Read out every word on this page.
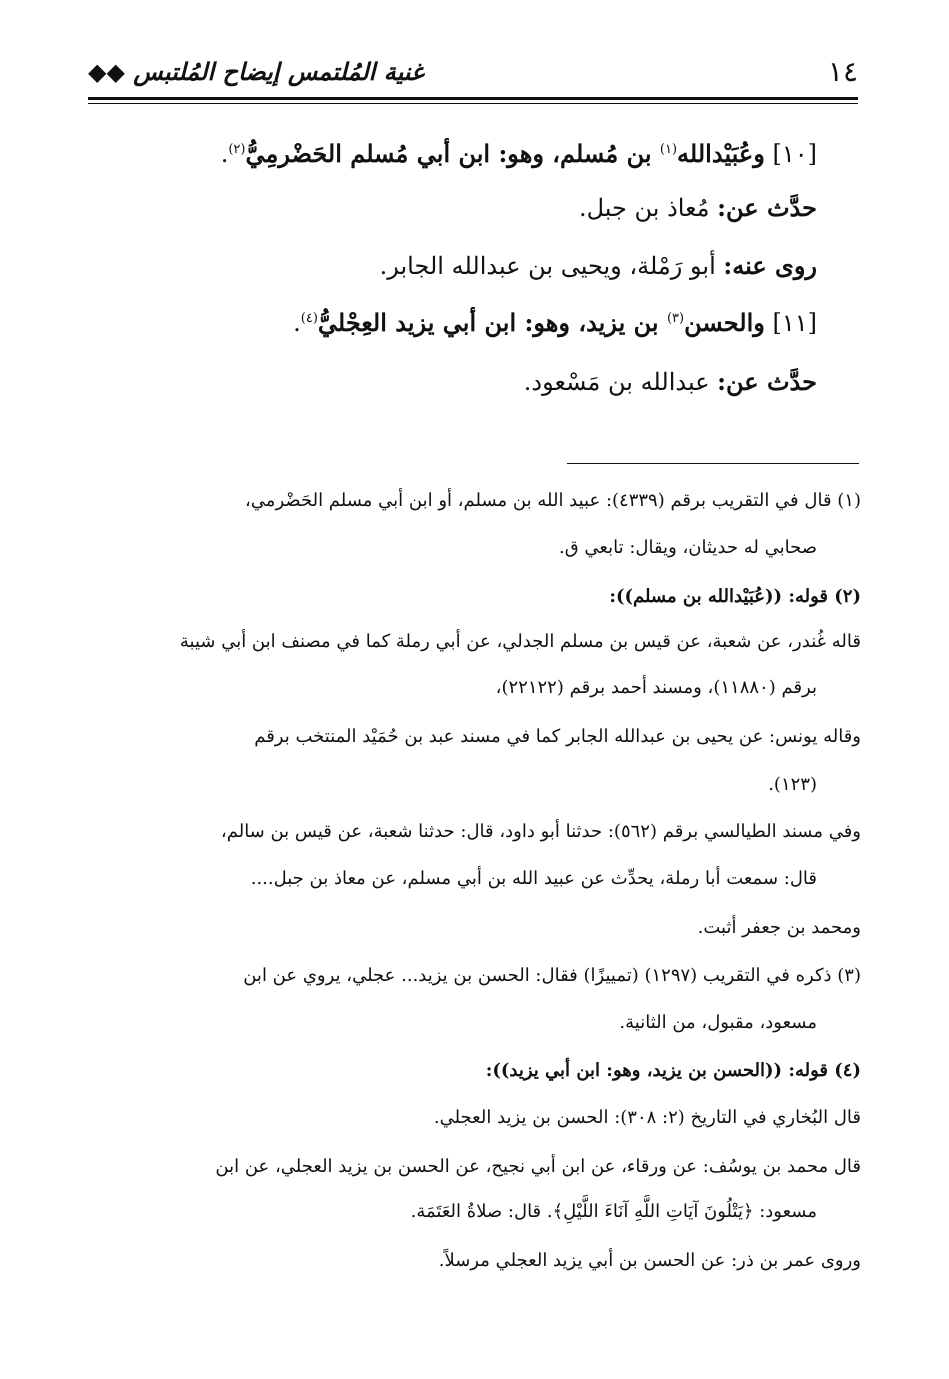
١٤
غنية المُلتمس إيضاح المُلتبس ◆◆
[١٠] وعُبَيْدالله$^{(١)}$ بن مُسلم، وهو: ابن أبي مُسلم الحَضْرمِيُّ$^{(٢)}$.
حدَّث عن: مُعاذ بن جبل.
روى عنه: أبو رَمْلة، ويحيى بن عبدالله الجابر.
[١١] والحسن$^{(٣)}$ بن يزيد، وهو: ابن أبي يزيد العِجْليُّ$^{(٤)}$.
حدَّث عن: عبدالله بن مَسْعود.
(١) قال في التقريب برقم (٤٣٣٩): عبيد الله بن مسلم، أو ابن أبي مسلم الحَضْرمي،
صحابي له حديثان، ويقال: تابعي ق.
(٢) قوله: ((عُبَيْدالله بن مسلم)):
قاله غُندر، عن شعبة، عن قيس بن مسلم الجدلي، عن أبي رملة كما في مصنف ابن أبي شيبة
برقم (١١٨٨٠)، ومسند أحمد برقم (٢٢١٢٢)،
وقاله يونس: عن يحيى بن عبدالله الجابر كما في مسند عبد بن حُمَيْد المنتخب برقم
(١٢٣).
وفي مسند الطيالسي برقم (٥٦٢): حدثنا أبو داود، قال: حدثنا شعبة، عن قيس بن سالم،
قال: سمعت أبا رملة، يحدِّث عن عبيد الله بن أبي مسلم، عن معاذ بن جبل....
ومحمد بن جعفر أثبت.
(٣) ذكره في التقريب (١٢٩٧) (تمييزًا) فقال: الحسن بن يزيد... عجلي، يروي عن ابن
مسعود، مقبول، من الثانية.
(٤) قوله: ((الحسن بن يزيد، وهو: ابن أبي يزيد)):
قال البُخاري في التاريخ (٢: ٣٠٨): الحسن بن يزيد العجلي.
قال محمد بن يوسُف: عن ورقاء، عن ابن أبي نجيح، عن الحسن بن يزيد العجلي، عن ابن
مسعود: ﴿يَتْلُونَ آيَاتِ اللَّهِ آنَاءَ اللَّيْلِ﴾. قال: صلاةُ العَتَمَة.
وروى عمر بن ذر: عن الحسن بن أبي يزيد العجلي مرسلاً.
